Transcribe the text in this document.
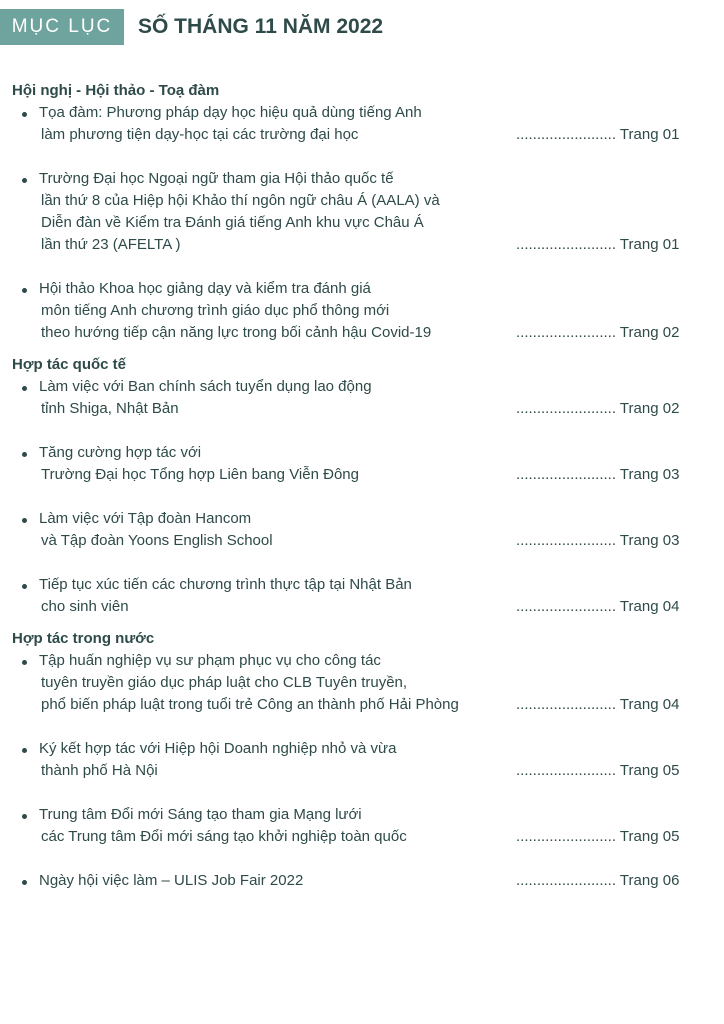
MỤC LỤC	SỐ THÁNG 11 NĂM 2022
Hội nghị - Hội thảo - Toạ đàm
Tọa đàm: Phương pháp dạy học hiệu quả dùng tiếng Anh
làm phương tiện dạy-học tại các trường đại học	........................ Trang 01
Trường Đại học Ngoại ngữ tham gia Hội thảo quốc tế
lần thứ 8 của Hiệp hội Khảo thí ngôn ngữ châu Á (AALA) và
Diễn đàn về Kiểm tra Đánh giá tiếng Anh khu vực Châu Á
lần thứ 23 (AFELTA )	........................ Trang 01
Hội thảo Khoa học giảng dạy và kiểm tra đánh giá
môn tiếng Anh chương trình giáo dục phổ thông mới
theo hướng tiếp cận năng lực trong bối cảnh hậu Covid-19	........................ Trang 02
Hợp tác quốc tế
Làm việc với Ban chính sách tuyển dụng lao động
tỉnh Shiga, Nhật Bản	........................ Trang 02
Tăng cường hợp tác với
Trường Đại học Tổng hợp Liên bang Viễn Đông	........................ Trang 03
Làm việc với Tập đoàn Hancom
và Tập đoàn Yoons English School	........................ Trang 03
Tiếp tục xúc tiến các chương trình thực tập tại Nhật Bản
cho sinh viên	........................ Trang 04
Hợp tác trong nước
Tập huấn nghiệp vụ sư phạm phục vụ cho công tác
tuyên truyền giáo dục pháp luật cho CLB Tuyên truyền,
phổ biến pháp luật trong tuổi trẻ Công an thành phố Hải Phòng	........................ Trang 04
Ký kết hợp tác với Hiệp hội Doanh nghiệp nhỏ và vừa
thành phố Hà Nội	........................ Trang 05
Trung tâm Đổi mới Sáng tạo tham gia Mạng lưới
các Trung tâm Đổi mới sáng tạo khởi nghiệp toàn quốc	........................ Trang 05
Ngày hội việc làm – ULIS Job Fair 2022	........................ Trang 06
